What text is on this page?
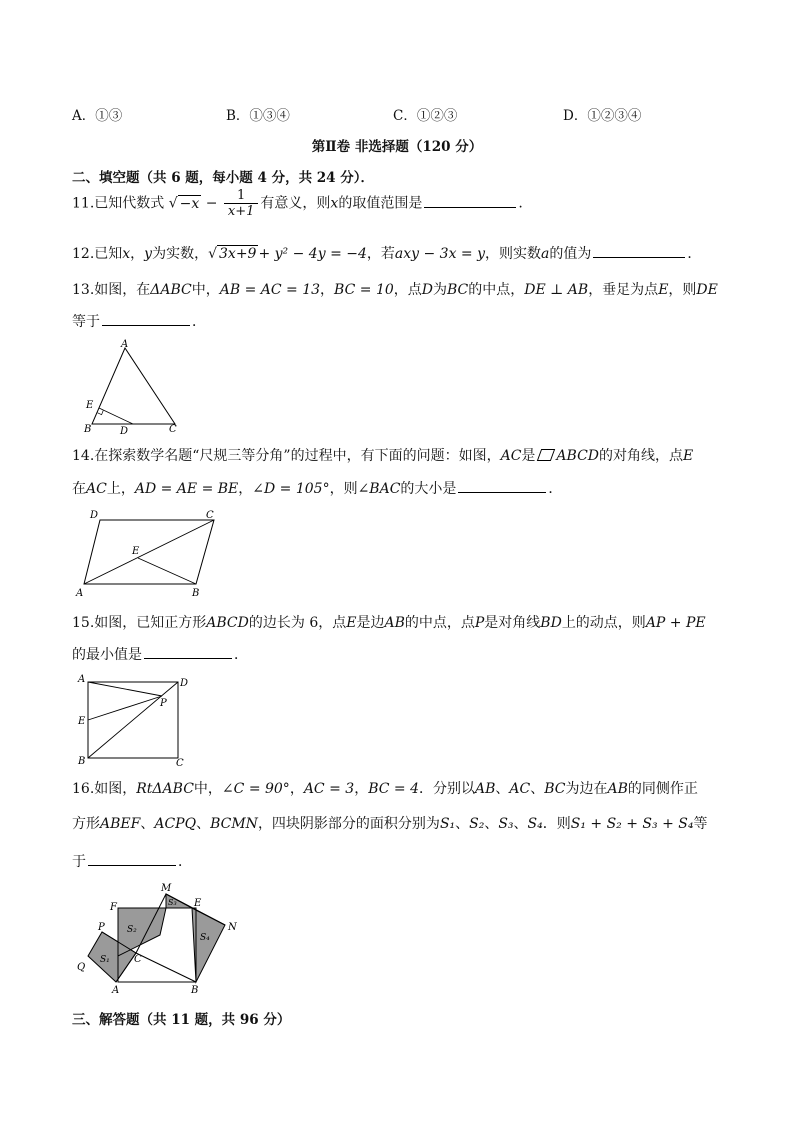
A．①③	B．①③④	C．①②③	D．①②③④
第Ⅱ卷 非选择题（120 分）
二、填空题（共 6 题，每小题 4 分，共 24 分）．
11.已知代数式 √ $-x - \frac{1}{x+1}$ 有意义，则x的取值范围是	.
12.已知x，y为实数，√ 3x+9 + y² − 4y = −4，若axy − 3x = y，则实数a的值为	．
13.如图，在ΔABC中，AB = AC = 13，BC = 10，点D为BC的中点，DE ⊥ AB，垂足为点E，则DE
等于	．
A
B	C
D
E
14.在探索数学名题“尺规三等分角”的过程中，有下面的问题：如图，AC是 ABCD的对角线，点E
在AC上，AD = AE = BE，∠D = 105°，则∠BAC的大小是	．
A	B
C
D
E
15.如图，已知正方形ABCD的边长为 6，点E是边AB的中点，点P是对角线BD上的动点，则AP + PE
的最小值是	．
A
B	C
D
E
P
16.如图，RtΔABC中，∠C = 90°，AC = 3，BC = 4．分别以AB、AC、BC为边在AB的同侧作正
方形ABEF、ACPQ、BCMN，四块阴影部分的面积分别为S₁、S₂、S₃、S₄．则S₁ + S₂ + S₃ + S₄等
于	．
F
M
E
N
P
Q
C
A	B
S₁
S₂
S₃
S₄
三、解答题（共 11 题，共 96 分）
